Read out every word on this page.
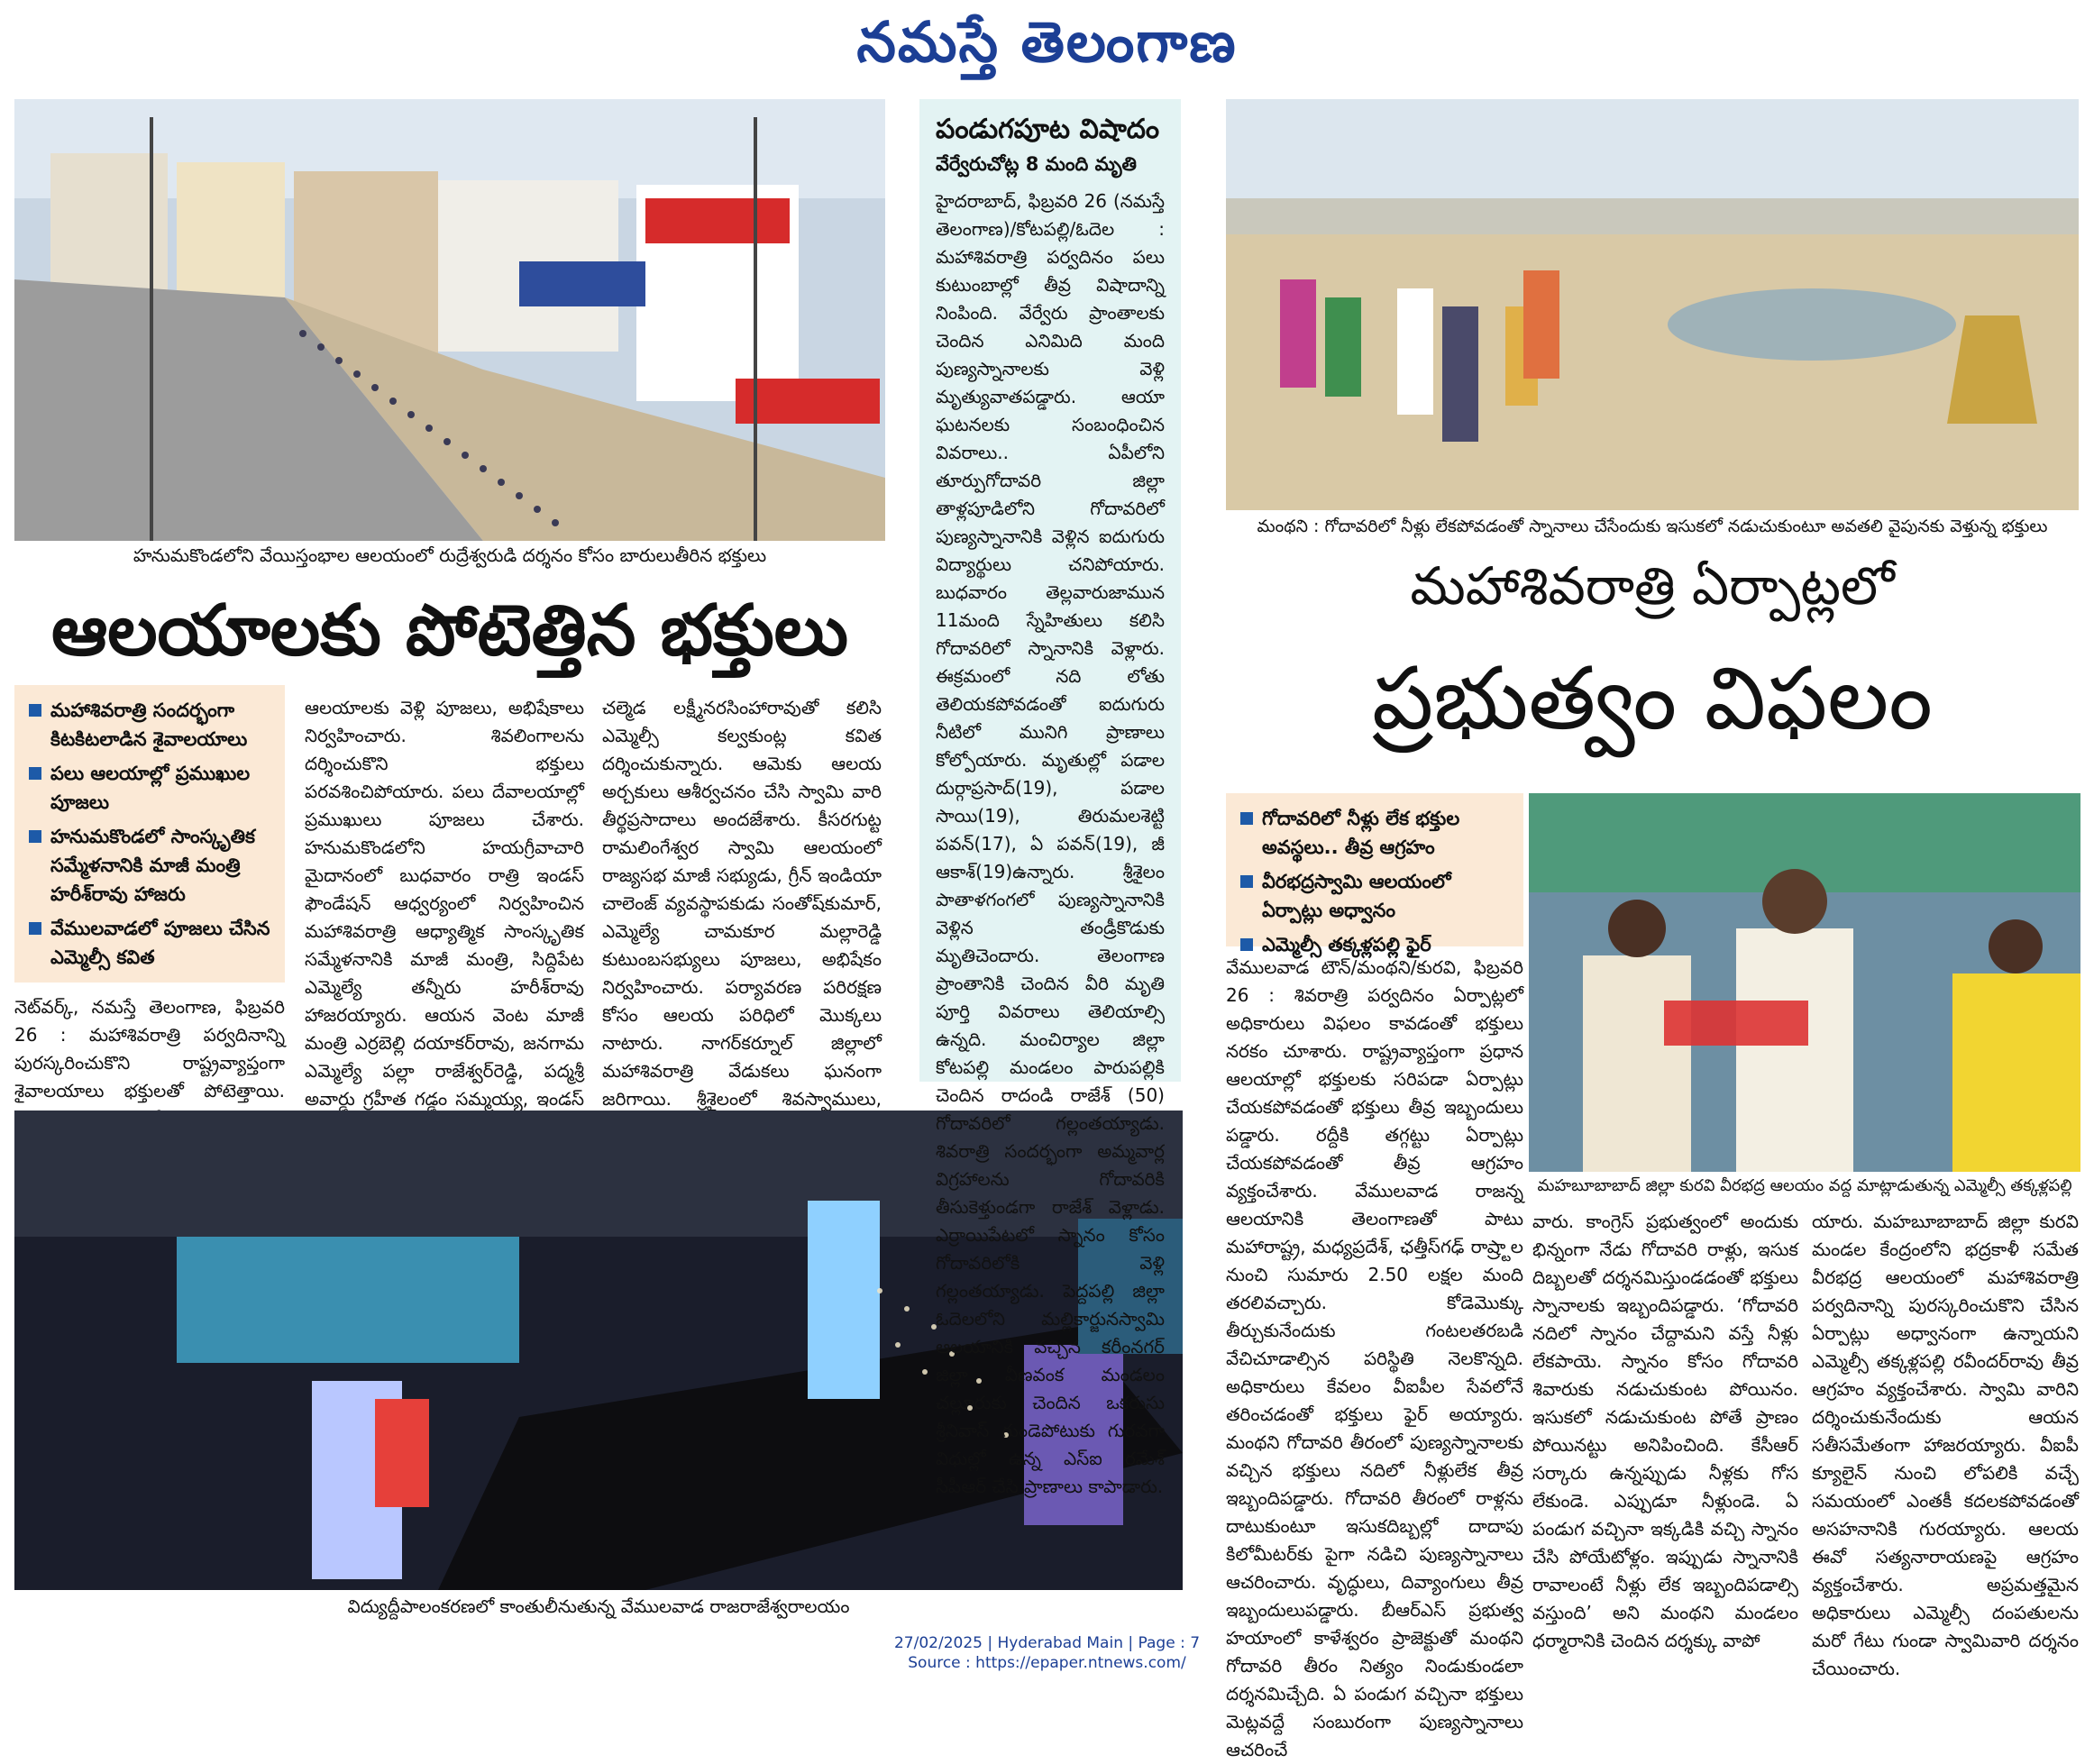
నమస్తే తెలంగాణ
హనుమకొండలోని వేయిస్తంభాల ఆలయంలో రుద్రేశ్వరుడి దర్శనం కోసం బారులుతీరిన భక్తులు
ఆలయాలకు పోటెత్తిన భక్తులు
మహాశివరాత్రి సందర్భంగా కిటకిటలాడిన శైవాలయాలు
పలు ఆలయాల్లో ప్రముఖుల పూజలు
హనుమకొండలో సాంస్కృతిక సమ్మేళనానికి మాజీ మంత్రి హరీశ్‌రావు హాజరు
వేములవాడలో పూజలు చేసిన ఎమ్మెల్సీ కవిత
నెట్‌వర్క్, నమస్తే తెలంగాణ, ఫిబ్రవరి 26 : మహాశివరాత్రి పర్వదినాన్ని పురస్కరించుకొని రాష్ట్రవ్యాప్తంగా శైవాలయాలు భక్తులతో పోటెత్తాయి.
ఆలయాలకు వెళ్లి పూజలు, అభిషేకాలు నిర్వహించారు. శివలింగాలను దర్శించుకొని భక్తులు పరవశించిపోయారు. పలు దేవాలయాల్లో ప్రముఖులు పూజలు చేశారు. హనుమకొండలోని హయగ్రీవాచారి మైదానంలో బుధవారం రాత్రి ఇండస్ ఫౌండేషన్ ఆధ్వర్యంలో నిర్వహించిన మహాశివరాత్రి ఆధ్యాత్మిక సాంస్కృతిక సమ్మేళనానికి మాజీ మంత్రి, సిద్దిపేట ఎమ్మెల్యే తన్నీరు హరీశ్‌రావు హాజరయ్యారు. ఆయన వెంట మాజీ మంత్రి ఎర్రబెల్లి దయాకర్‌రావు, జనగామ ఎమ్మెల్యే పల్లా రాజేశ్వర్‌రెడ్డి, పద్మశ్రీ అవార్డు గ్రహీత గడ్డం సమ్మయ్య, ఇండస్
చల్మెడ లక్ష్మీనరసింహారావుతో కలిసి ఎమ్మెల్సీ కల్వకుంట్ల కవిత దర్శించుకున్నారు. ఆమెకు ఆలయ అర్చకులు ఆశీర్వచనం చేసి స్వామి వారి తీర్థప్రసాదాలు అందజేశారు. కీసరగుట్ట రామలింగేశ్వర స్వామి ఆలయంలో రాజ్యసభ మాజీ సభ్యుడు, గ్రీన్ ఇండియా చాలెంజ్ వ్యవస్థాపకుడు సంతోష్‌కుమార్, ఎమ్మెల్యే చామకూర మల్లారెడ్డి కుటుంబసభ్యులు పూజలు, అభిషేకం నిర్వహించారు. పర్యావరణ పరిరక్షణ కోసం ఆలయ పరిధిలో మొక్కలు నాటారు. నాగర్‌కర్నూల్ జిల్లాలో మహాశివరాత్రి వేడుకలు ఘనంగా జరిగాయి. శ్రీశైలంలో శివస్వాములు,
విద్యుద్దీపాలంకరణలో కాంతులీనుతున్న వేములవాడ రాజరాజేశ్వరాలయం
పండుగపూట విషాదం
వేర్వేరుచోట్ల 8 మంది మృతి
హైదరాబాద్, ఫిబ్రవరి 26 (నమస్తే తెలంగాణ)/కోటపల్లి/ఓదెల : మహాశివరాత్రి పర్వదినం పలు కుటుంబాల్లో తీవ్ర విషాదాన్ని నింపింది. వేర్వేరు ప్రాంతాలకు చెందిన ఎనిమిది మంది పుణ్యస్నానాలకు వెళ్లి మృత్యువాతపడ్డారు. ఆయా ఘటనలకు సంబంధించిన వివరాలు.. ఏపీలోని తూర్పుగోదావరి జిల్లా తాళ్లపూడిలోని గోదావరిలో పుణ్యస్నానానికి వెళ్లిన ఐదుగురు విద్యార్థులు చనిపోయారు. బుధవారం తెల్లవారుజామున 11మంది స్నేహితులు కలిసి గోదావరిలో స్నానానికి వెళ్లారు. ఈక్రమంలో నది లోతు తెలియకపోవడంతో ఐదుగురు నీటిలో మునిగి ప్రాణాలు కోల్పోయారు. మృతుల్లో పడాల దుర్గాప్రసాద్(19), పడాల సాయి(19), తిరుమలశెట్టి పవన్(17), ఏ పవన్(19), జీ ఆకాశ్(19)ఉన్నారు. శ్రీశైలం పాతాళగంగలో పుణ్యస్నానానికి వెళ్లిన తండ్రీకొడుకు మృతిచెందారు. తెలంగాణ ప్రాంతానికి చెందిన వీరి మృతి పూర్తి వివరాలు తెలియాల్సి ఉన్నది. మంచిర్యాల జిల్లా కోటపల్లి మండలం పారుపల్లికి చెందిన రాదండి రాజేశ్ (50) గోదావరిలో గల్లంతయ్యాడు. శివరాత్రి సందర్భంగా అమ్మవార్ల విగ్రహాలను గోదావరికి తీసుకెళ్తుండగా రాజేశ్ వెళ్లాడు. ఎర్రాయిపేటలో స్నానం కోసం గోదావరిలోకి వెళ్లి గల్లంతయ్యాడు. పెద్దపల్లి జిల్లా ఓదెలలోని మల్లికార్జునస్వామి ఆలయానికి వచ్చిన కరీంనగర్ జిల్లా వీణవంక మండలం చల్లూరుకు చెందిన ఒకరుసు శ్రీనివాస్ గుండెపోటుకు గురవగా విధుల్లో ఉన్న ఎస్ఐ రమేశ్ సీపీఆర్ చేసి ప్రాణాలు కాపాడారు.
మంథని : గోదావరిలో నీళ్లు లేకపోవడంతో స్నానాలు చేసేందుకు ఇసుకలో నడుచుకుంటూ అవతలి వైపునకు వెళ్తున్న భక్తులు
మహాశివరాత్రి ఏర్పాట్లలో
ప్రభుత్వం విఫలం
గోదావరిలో నీళ్లు లేక భక్తుల అవస్థలు.. తీవ్ర ఆగ్రహం
వీరభద్రస్వామి ఆలయంలో ఏర్పాట్లు అధ్వానం
ఎమ్మెల్సీ తక్కళ్లపల్లి ఫైర్
మహబూబాబాద్ జిల్లా కురవి వీరభద్ర ఆలయం వద్ద మాట్లాడుతున్న ఎమ్మెల్సీ తక్కళ్లపల్లి
వేములవాడ టౌన్/మంథని/కురవి, ఫిబ్రవరి 26 : శివరాత్రి పర్వదినం ఏర్పాట్లలో అధికారులు విఫలం కావడంతో భక్తులు నరకం చూశారు. రాష్ట్రవ్యాప్తంగా ప్రధాన ఆలయాల్లో భక్తులకు సరిపడా ఏర్పాట్లు చేయకపోవడంతో భక్తులు తీవ్ర ఇబ్బందులు పడ్డారు. రద్దీకి తగ్గట్టు ఏర్పాట్లు చేయకపోవడంతో తీవ్ర ఆగ్రహం వ్యక్తంచేశారు. వేములవాడ రాజన్న ఆలయానికి తెలంగాణతో పాటు మహారాష్ట్ర, మధ్యప్రదేశ్, ఛత్తీస్‌గఢ్ రాష్ర్టాల నుంచి సుమారు 2.50 లక్షల మంది తరలివచ్చారు. కోడెమొక్కు తీర్చుకునేందుకు గంటలతరబడి వేచిచూడాల్సిన పరిస్థితి నెలకొన్నది. అధికారులు కేవలం వీఐపీల సేవలోనే తరించడంతో భక్తులు ఫైర్ అయ్యారు. మంథని గోదావరి తీరంలో పుణ్యస్నానాలకు వచ్చిన భక్తులు నదిలో నీళ్లులేక తీవ్ర ఇబ్బందిపడ్డారు. గోదావరి తీరంలో రాళ్లను దాటుకుంటూ ఇసుకదిబ్బల్లో దాదాపు కిలోమీటర్‌కు పైగా నడిచి పుణ్యస్నానాలు ఆచరించారు. వృద్ధులు, దివ్యాంగులు తీవ్ర ఇబ్బందులుపడ్డారు. బీఆర్‌ఎస్ ప్రభుత్వ హయాంలో కాళేశ్వరం ప్రాజెక్టుతో మంథని గోదావరి తీరం నిత్యం నిండుకుండలా దర్శనమిచ్చేది. ఏ పండుగ వచ్చినా భక్తులు మెట్లవద్దే సంబురంగా పుణ్యస్నానాలు ఆచరించే
వారు. కాంగ్రెస్ ప్రభుత్వంలో అందుకు భిన్నంగా నేడు గోదావరి రాళ్లు, ఇసుక దిబ్బలతో దర్శనమిస్తుండడంతో భక్తులు స్నానాలకు ఇబ్బందిపడ్డారు. ‘గోదావరి నదిలో స్నానం చేద్దామని వస్తే నీళ్లు లేకపాయె. స్నానం కోసం గోదావరి శివారుకు నడుచుకుంట పోయినం. ఇసుకలో నడుచుకుంట పోతే ప్రాణం పోయినట్టు అనిపించింది. కేసీఆర్ సర్కారు ఉన్నప్పుడు నీళ్లకు గోస లేకుండె. ఎప్పుడూ నీళ్లుండె. ఏ పండుగ వచ్చినా ఇక్కడికి వచ్చి స్నానం చేసి పోయేటోళ్లం. ఇప్పుడు స్నానానికి రావాలంటే నీళ్లు లేక ఇబ్బందిపడాల్సి వస్తుంది’ అని మంథని మండలం ధర్మారానికి చెందిన దర్శక్కు వాపో
యారు. మహబూబాబాద్ జిల్లా కురవి మండల కేంద్రంలోని భద్రకాళీ సమేత వీరభద్ర ఆలయంలో మహాశివరాత్రి పర్వదినాన్ని పురస్కరించుకొని చేసిన ఏర్పాట్లు అధ్వానంగా ఉన్నాయని ఎమ్మెల్సీ తక్కళ్లపల్లి రవీందర్‌రావు తీవ్ర ఆగ్రహం వ్యక్తంచేశారు. స్వామి వారిని దర్శించుకునేందుకు ఆయన సతీసమేతంగా హాజరయ్యారు. వీఐపీ క్యూలైన్ నుంచి లోపలికి వచ్చే సమయంలో ఎంతకీ కదలకపోవడంతో అసహనానికి గురయ్యారు. ఆలయ ఈవో సత్యనారాయణపై ఆగ్రహం వ్యక్తంచేశారు. అప్రమత్తమైన అధికారులు ఎమ్మెల్సీ దంపతులను మరో గేటు గుండా స్వామివారి దర్శనం చేయించారు.
27/02/2025 | Hyderabad Main | Page : 7
Source : https://epaper.ntnews.com/
